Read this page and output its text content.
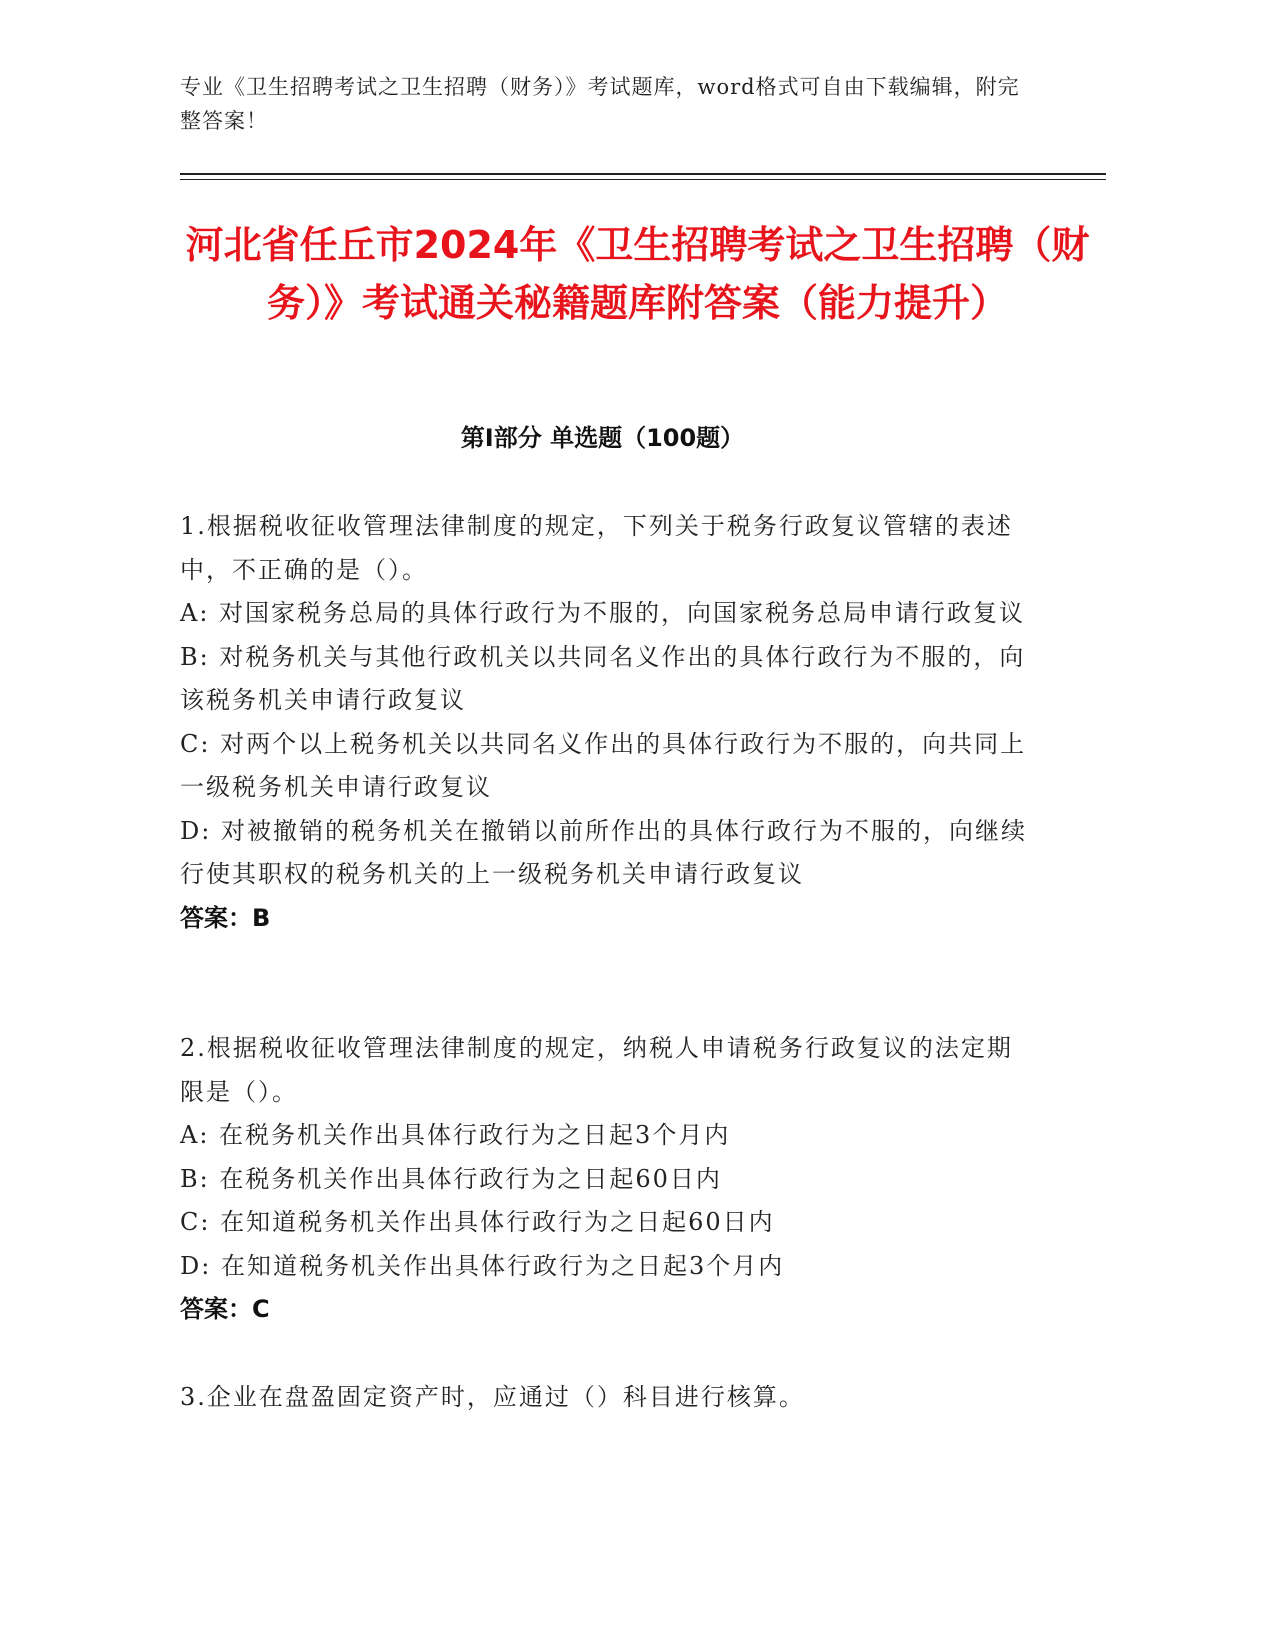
专业《卫生招聘考试之卫生招聘（财务）》考试题库，word格式可自由下载编辑，附完整答案！
河北省任丘市2024年《卫生招聘考试之卫生招聘（财务）》考试通关秘籍题库附答案（能力提升）
第I部分 单选题（100题）
1.根据税收征收管理法律制度的规定，下列关于税务行政复议管辖的表述中，不正确的是（）。
A: 对国家税务总局的具体行政行为不服的，向国家税务总局申请行政复议
B: 对税务机关与其他行政机关以共同名义作出的具体行政行为不服的，向该税务机关申请行政复议
C: 对两个以上税务机关以共同名义作出的具体行政行为不服的，向共同上一级税务机关申请行政复议
D: 对被撤销的税务机关在撤销以前所作出的具体行政行为不服的，向继续行使其职权的税务机关的上一级税务机关申请行政复议
答案：B
2.根据税收征收管理法律制度的规定，纳税人申请税务行政复议的法定期限是（）。
A: 在税务机关作出具体行政行为之日起3个月内
B: 在税务机关作出具体行政行为之日起60日内
C: 在知道税务机关作出具体行政行为之日起60日内
D: 在知道税务机关作出具体行政行为之日起3个月内
答案：C
3.企业在盘盈固定资产时，应通过（）科目进行核算。
